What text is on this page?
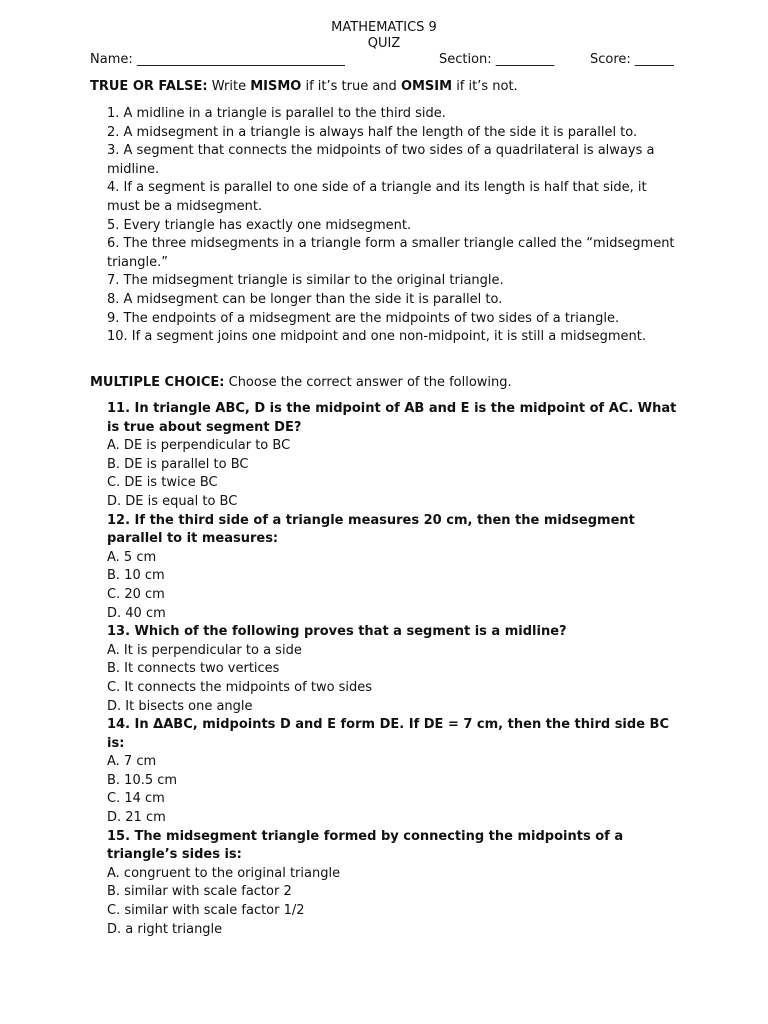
MATHEMATICS 9
QUIZ
Name: ________________________________	Section: _________	Score: ______
TRUE OR FALSE: Write MISMO if it’s true and OMSIM if it’s not.
1. A midline in a triangle is parallel to the third side.
2. A midsegment in a triangle is always half the length of the side it is parallel to.
3. A segment that connects the midpoints of two sides of a quadrilateral is always a midline.
4. If a segment is parallel to one side of a triangle and its length is half that side, it must be a midsegment.
5. Every triangle has exactly one midsegment.
6. The three midsegments in a triangle form a smaller triangle called the “midsegment triangle.”
7. The midsegment triangle is similar to the original triangle.
8. A midsegment can be longer than the side it is parallel to.
9. The endpoints of a midsegment are the midpoints of two sides of a triangle.
10. If a segment joins one midpoint and one non-midpoint, it is still a midsegment.
MULTIPLE CHOICE: Choose the correct answer of the following.
11. In triangle ABC, D is the midpoint of AB and E is the midpoint of AC. What is true about segment DE?
A. DE is perpendicular to BC
B. DE is parallel to BC
C. DE is twice BC
D. DE is equal to BC
12. If the third side of a triangle measures 20 cm, then the midsegment parallel to it measures:
A. 5 cm
B. 10 cm
C. 20 cm
D. 40 cm
13. Which of the following proves that a segment is a midline?
A. It is perpendicular to a side
B. It connects two vertices
C. It connects the midpoints of two sides
D. It bisects one angle
14. In ΔABC, midpoints D and E form DE. If DE = 7 cm, then the third side BC is:
A. 7 cm
B. 10.5 cm
C. 14 cm
D. 21 cm
15. The midsegment triangle formed by connecting the midpoints of a triangle’s sides is:
A. congruent to the original triangle
B. similar with scale factor 2
C. similar with scale factor 1/2
D. a right triangle
